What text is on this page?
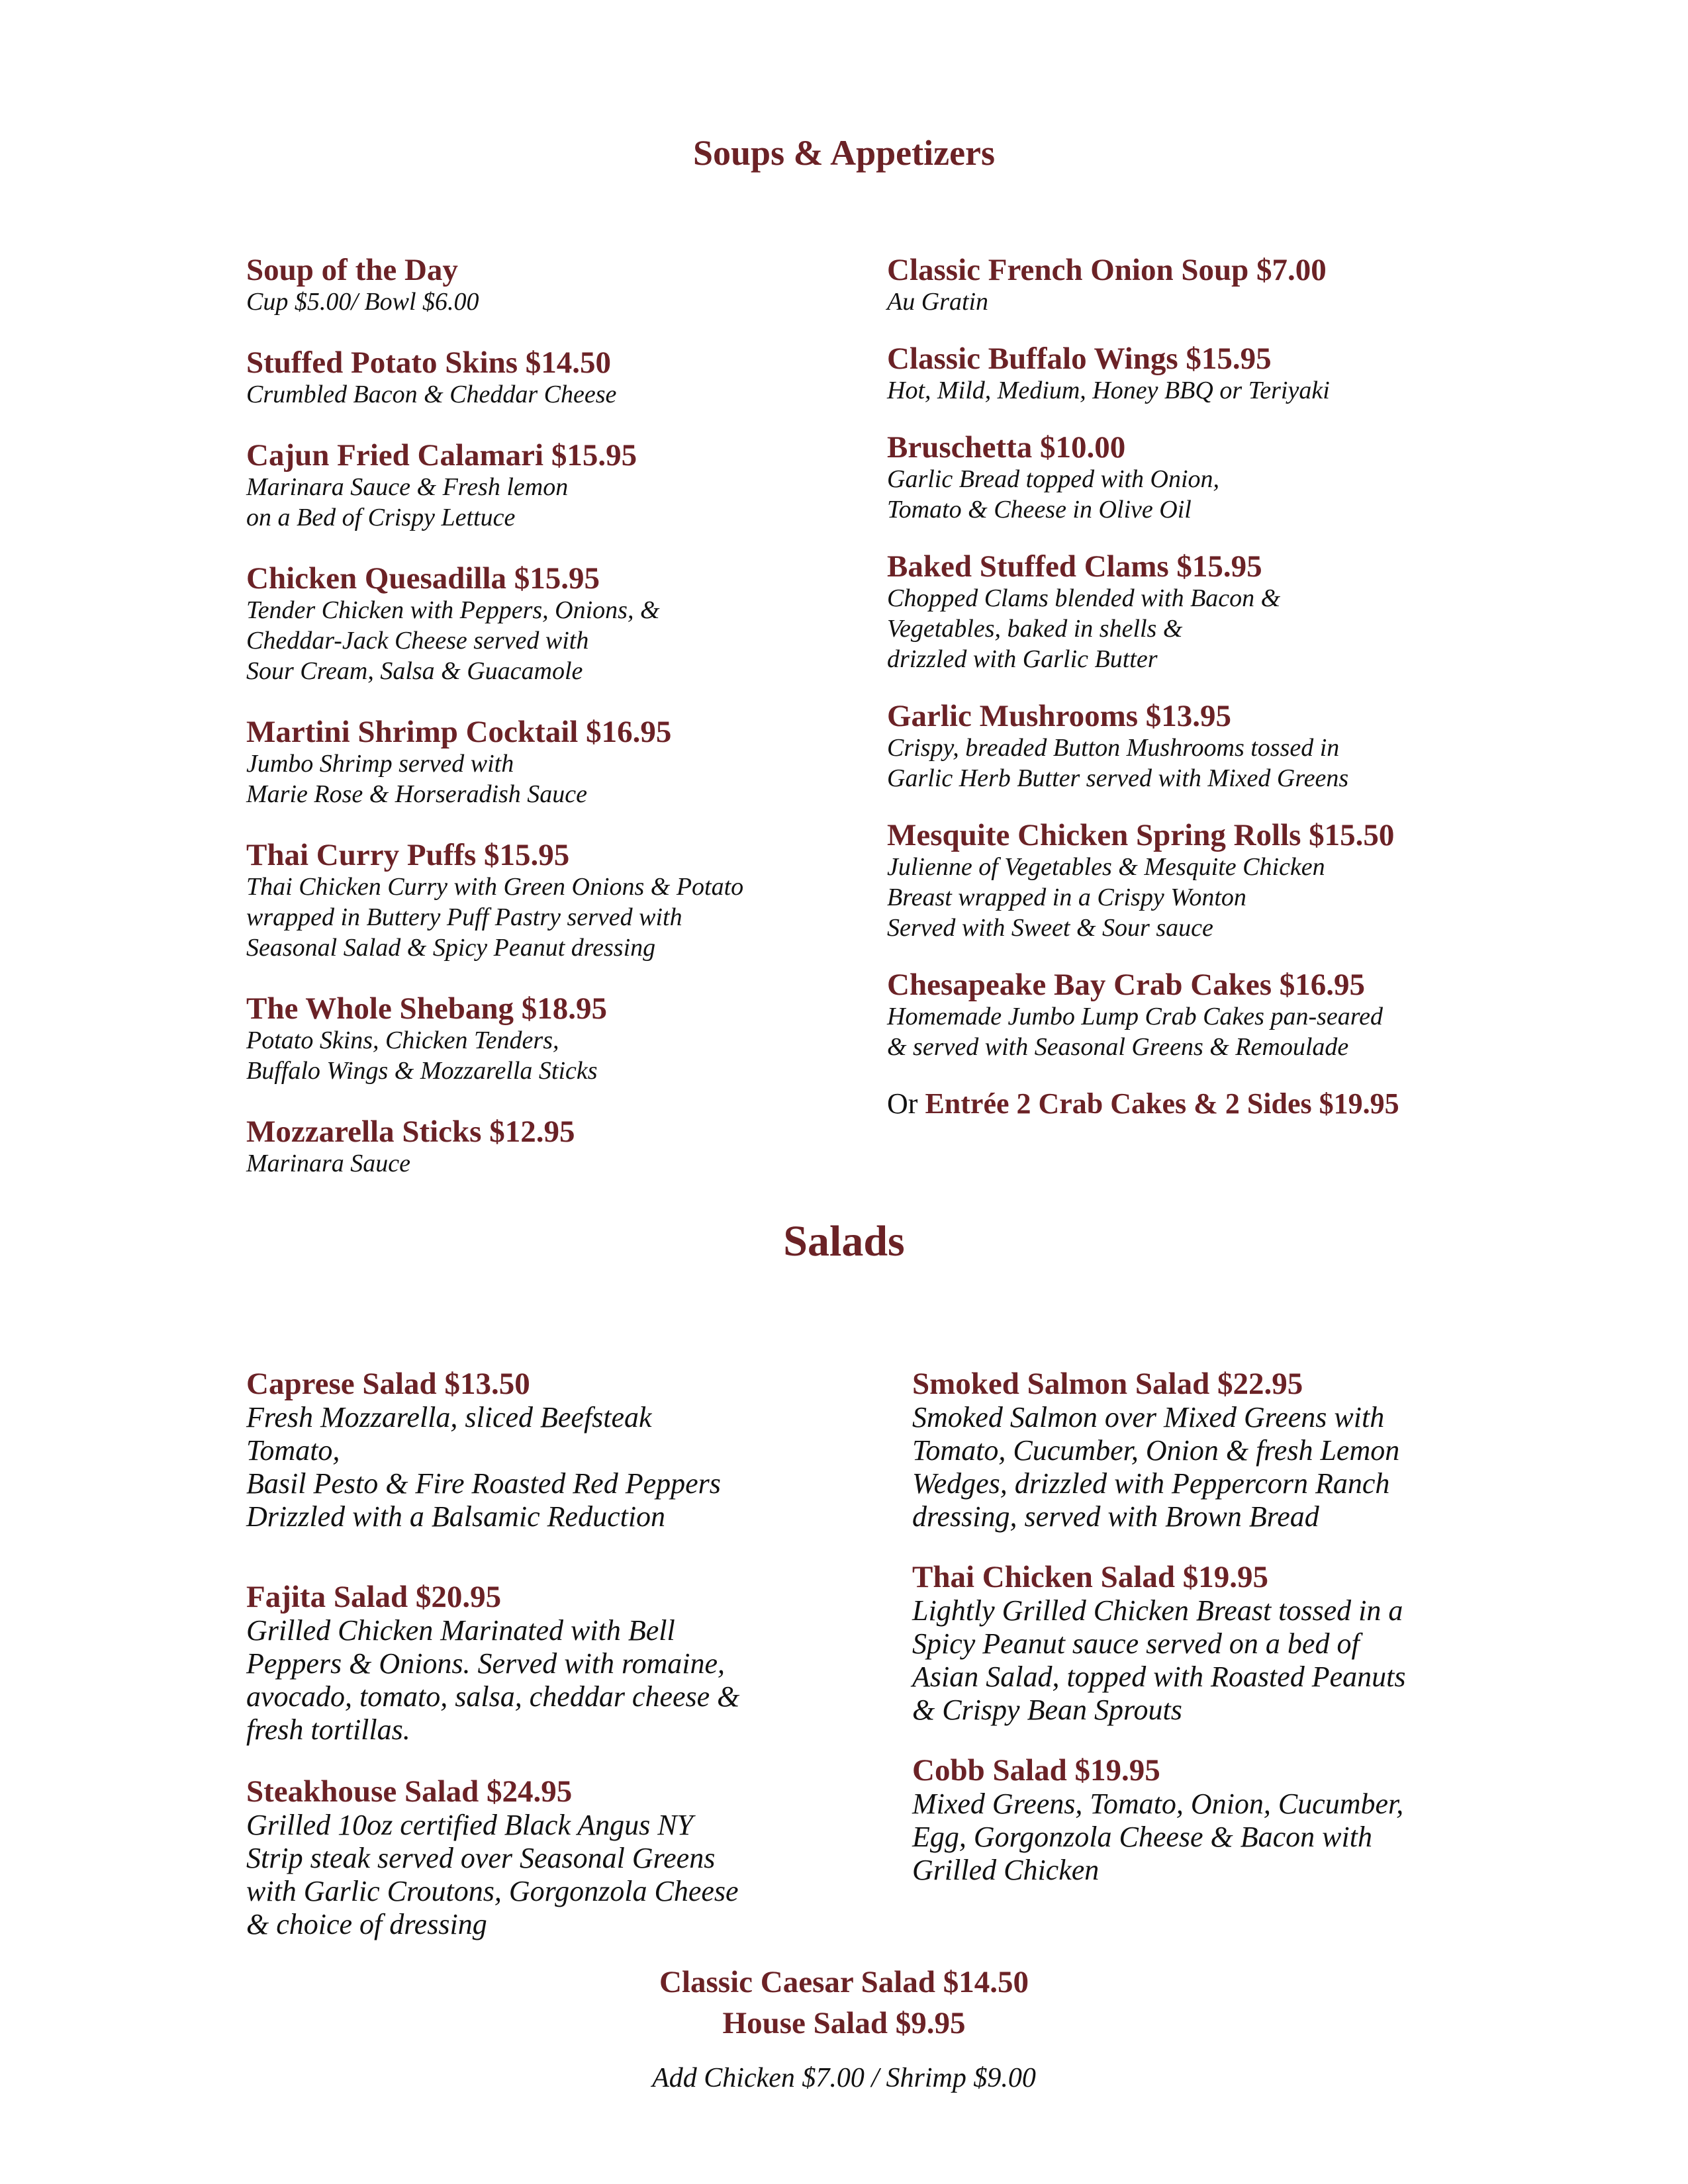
Soups & Appetizers
Soup of the Day
Cup $5.00/ Bowl $6.00
Stuffed Potato Skins $14.50
Crumbled Bacon & Cheddar Cheese
Cajun Fried Calamari $15.95
Marinara Sauce & Fresh lemon
on a Bed of Crispy Lettuce
Chicken Quesadilla $15.95
Tender Chicken with Peppers, Onions, &
Cheddar-Jack Cheese served with
Sour Cream, Salsa & Guacamole
Martini Shrimp Cocktail $16.95
Jumbo Shrimp served with
Marie Rose & Horseradish Sauce
Thai Curry Puffs $15.95
Thai Chicken Curry with Green Onions & Potato
wrapped in Buttery Puff Pastry served with
Seasonal Salad & Spicy Peanut dressing
The Whole Shebang $18.95
Potato Skins, Chicken Tenders,
Buffalo Wings & Mozzarella Sticks
Mozzarella Sticks $12.95
Marinara Sauce
Classic French Onion Soup $7.00
Au Gratin
Classic Buffalo Wings $15.95
Hot, Mild, Medium, Honey BBQ or Teriyaki
Bruschetta $10.00
Garlic Bread topped with Onion,
Tomato & Cheese in Olive Oil
Baked Stuffed Clams $15.95
Chopped Clams blended with Bacon &
Vegetables, baked in shells &
drizzled with Garlic Butter
Garlic Mushrooms $13.95
Crispy, breaded Button Mushrooms tossed in
Garlic Herb Butter served with Mixed Greens
Mesquite Chicken Spring Rolls $15.50
Julienne of Vegetables & Mesquite Chicken
Breast wrapped in a Crispy Wonton
Served with Sweet & Sour sauce
Chesapeake Bay Crab Cakes $16.95
Homemade Jumbo Lump Crab Cakes pan-seared
& served with Seasonal Greens & Remoulade

Or Entrée 2 Crab Cakes & 2 Sides $19.95

Salads
Caprese Salad $13.50
Fresh Mozzarella, sliced Beefsteak
Tomato,
Basil Pesto & Fire Roasted Red Peppers
Drizzled with a Balsamic Reduction
Fajita Salad $20.95
Grilled Chicken Marinated with Bell
Peppers & Onions. Served with romaine,
avocado, tomato, salsa, cheddar cheese &
fresh tortillas.
Steakhouse Salad $24.95
Grilled 10oz certified Black Angus NY
Strip steak served over Seasonal Greens
with Garlic Croutons, Gorgonzola Cheese
& choice of dressing
Smoked Salmon Salad $22.95
Smoked Salmon over Mixed Greens with
Tomato, Cucumber, Onion & fresh Lemon
Wedges, drizzled with Peppercorn Ranch
dressing, served with Brown Bread
Thai Chicken Salad $19.95
Lightly Grilled Chicken Breast tossed in a
Spicy Peanut sauce served on a bed of
Asian Salad, topped with Roasted Peanuts
& Crispy Bean Sprouts
Cobb Salad $19.95
Mixed Greens, Tomato, Onion, Cucumber,
Egg, Gorgonzola Cheese & Bacon with
Grilled Chicken

Classic Caesar Salad $14.50

House Salad $9.95

Add Chicken $7.00 / Shrimp $9.00
